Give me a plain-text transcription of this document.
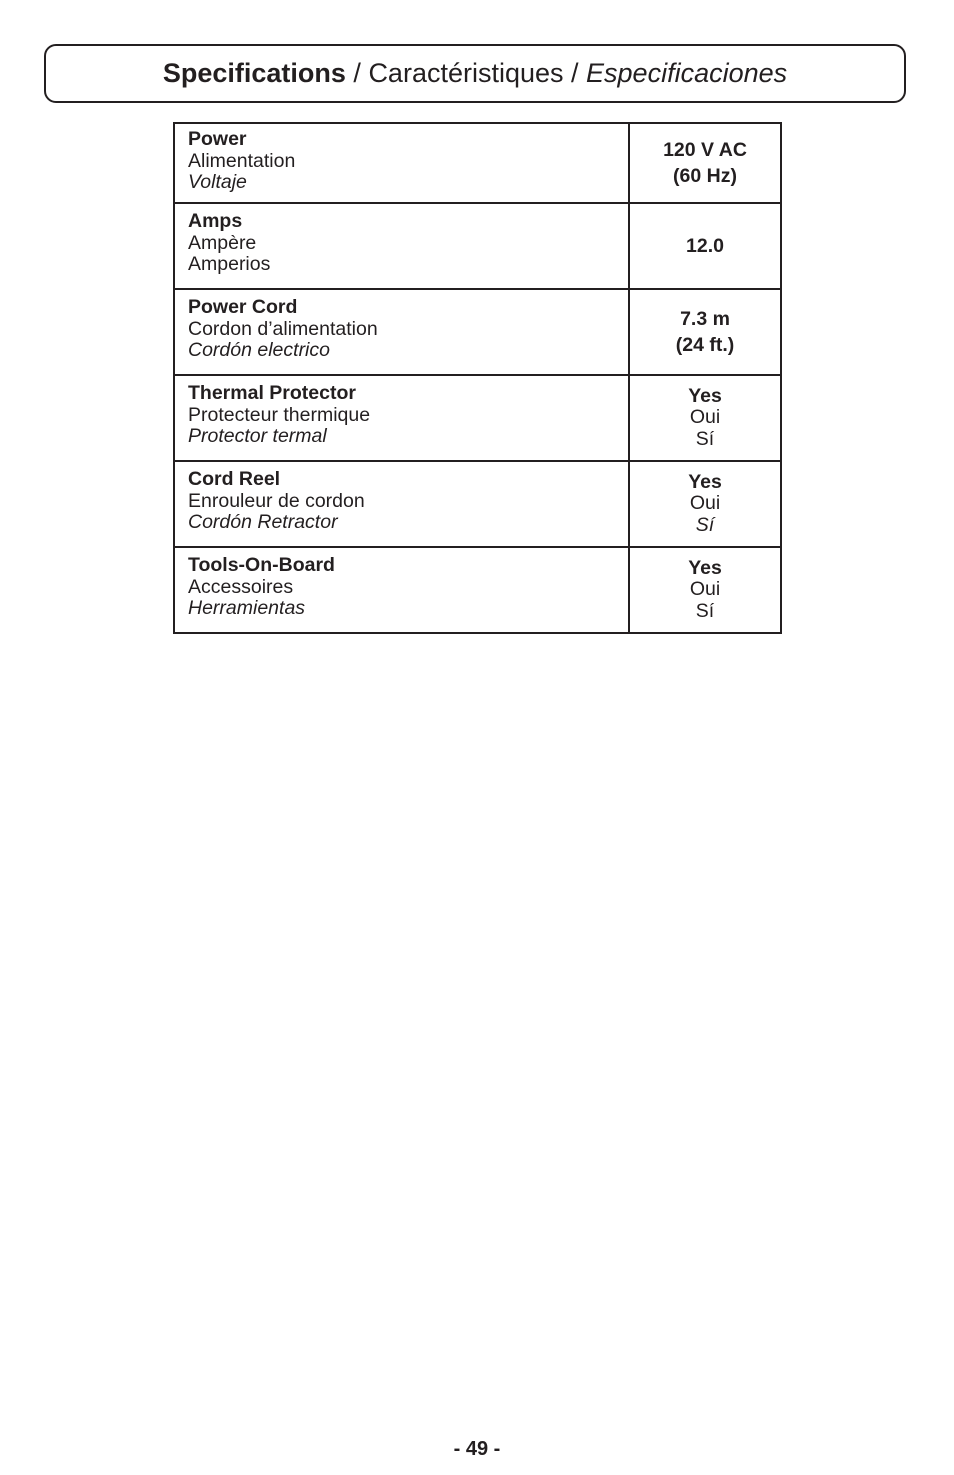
Specifications / Caractéristiques / Especificaciones
Power
Alimentation
Voltaje	120 V AC
(60 Hz)

Amps
Ampère
Amperios	12.0

Power Cord
Cordon d’alimentation
Cordón electrico	7.3 m
(24 ft.)

Thermal Protector
Protecteur thermique
Protector termal	Yes
Oui
Sí

Cord Reel
Enrouleur de cordon
Cordón Retractor	Yes
Oui
Sí

Tools-On-Board
Accessoires
Herramientas	Yes
Oui
Sí
- 49 -
